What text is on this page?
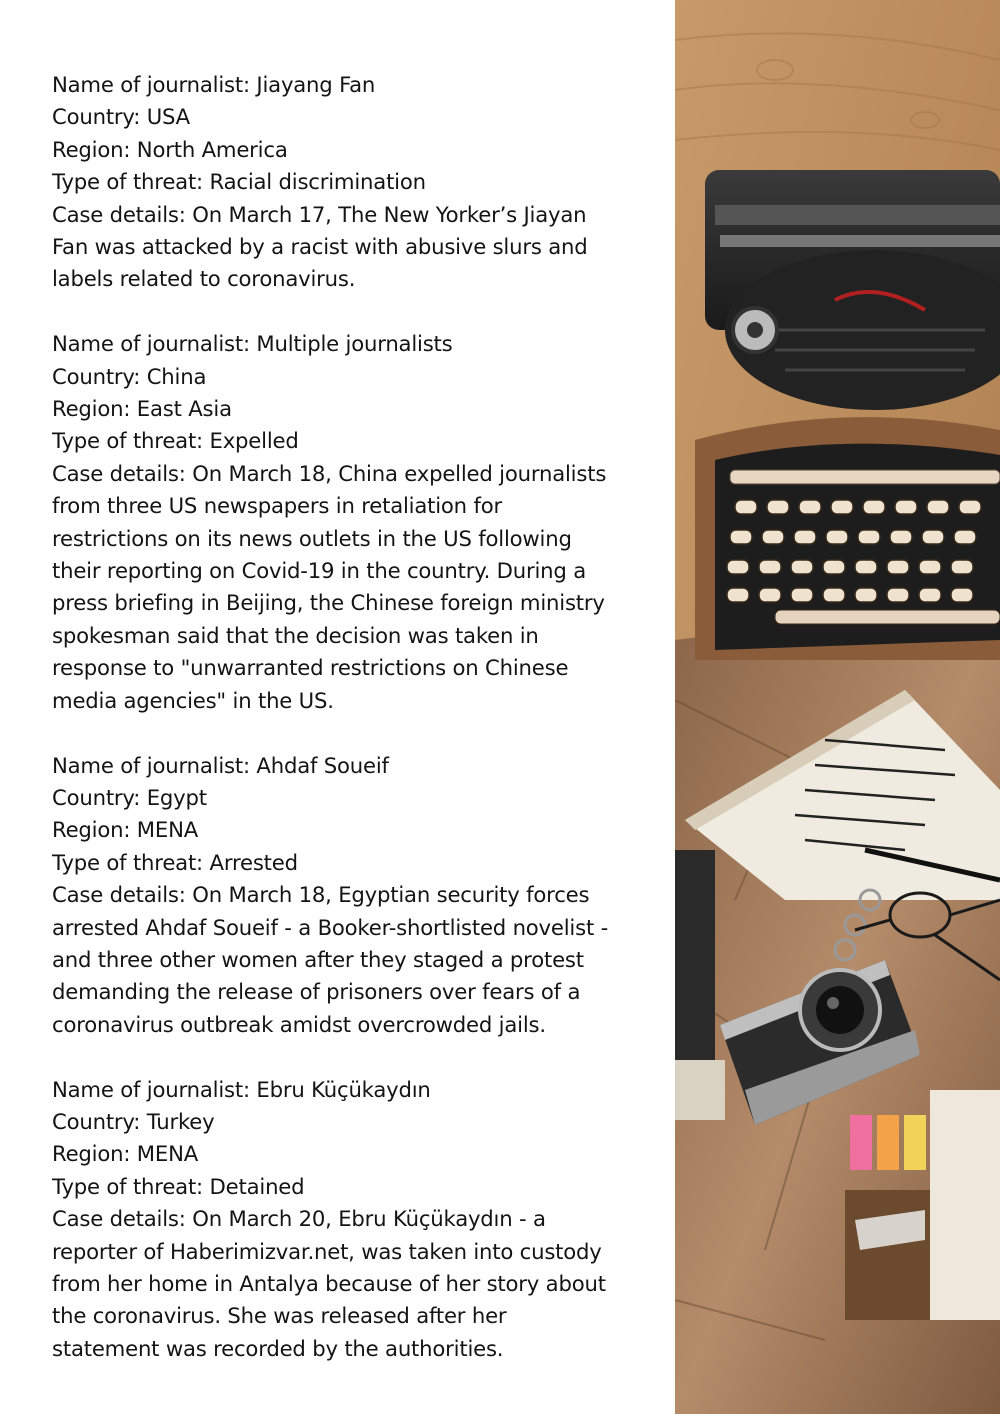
Name of journalist: Jiayang Fan
Country: USA
Region: North America
Type of threat: Racial discrimination
Case details: On March 17, The New Yorker’s Jiayan
Fan was attacked by a racist with abusive slurs and
labels related to coronavirus.
Name of journalist: Multiple journalists
Country: China
Region: East Asia
Type of threat: Expelled
Case details: On March 18, China expelled journalists
from three US newspapers in retaliation for
restrictions on its news outlets in the US following
their reporting on Covid-19 in the country. During a
press briefing in Beijing, the Chinese foreign ministry
spokesman said that the decision was taken in
response to "unwarranted restrictions on Chinese
media agencies" in the US.
Name of journalist: Ahdaf Soueif
Country: Egypt
Region: MENA
Type of threat: Arrested
Case details: On March 18, Egyptian security forces
arrested Ahdaf Soueif - a Booker-shortlisted novelist -
and three other women after they staged a protest
demanding the release of prisoners over fears of a
coronavirus outbreak amidst overcrowded jails.
Name of journalist: Ebru Küçükaydın
Country: Turkey
Region: MENA
Type of threat: Detained
Case details: On March 20, Ebru Küçükaydın - a
reporter of Haberimizvar.net, was taken into custody
from her home in Antalya because of her story about
the coronavirus. She was released after her
statement was recorded by the authorities.
